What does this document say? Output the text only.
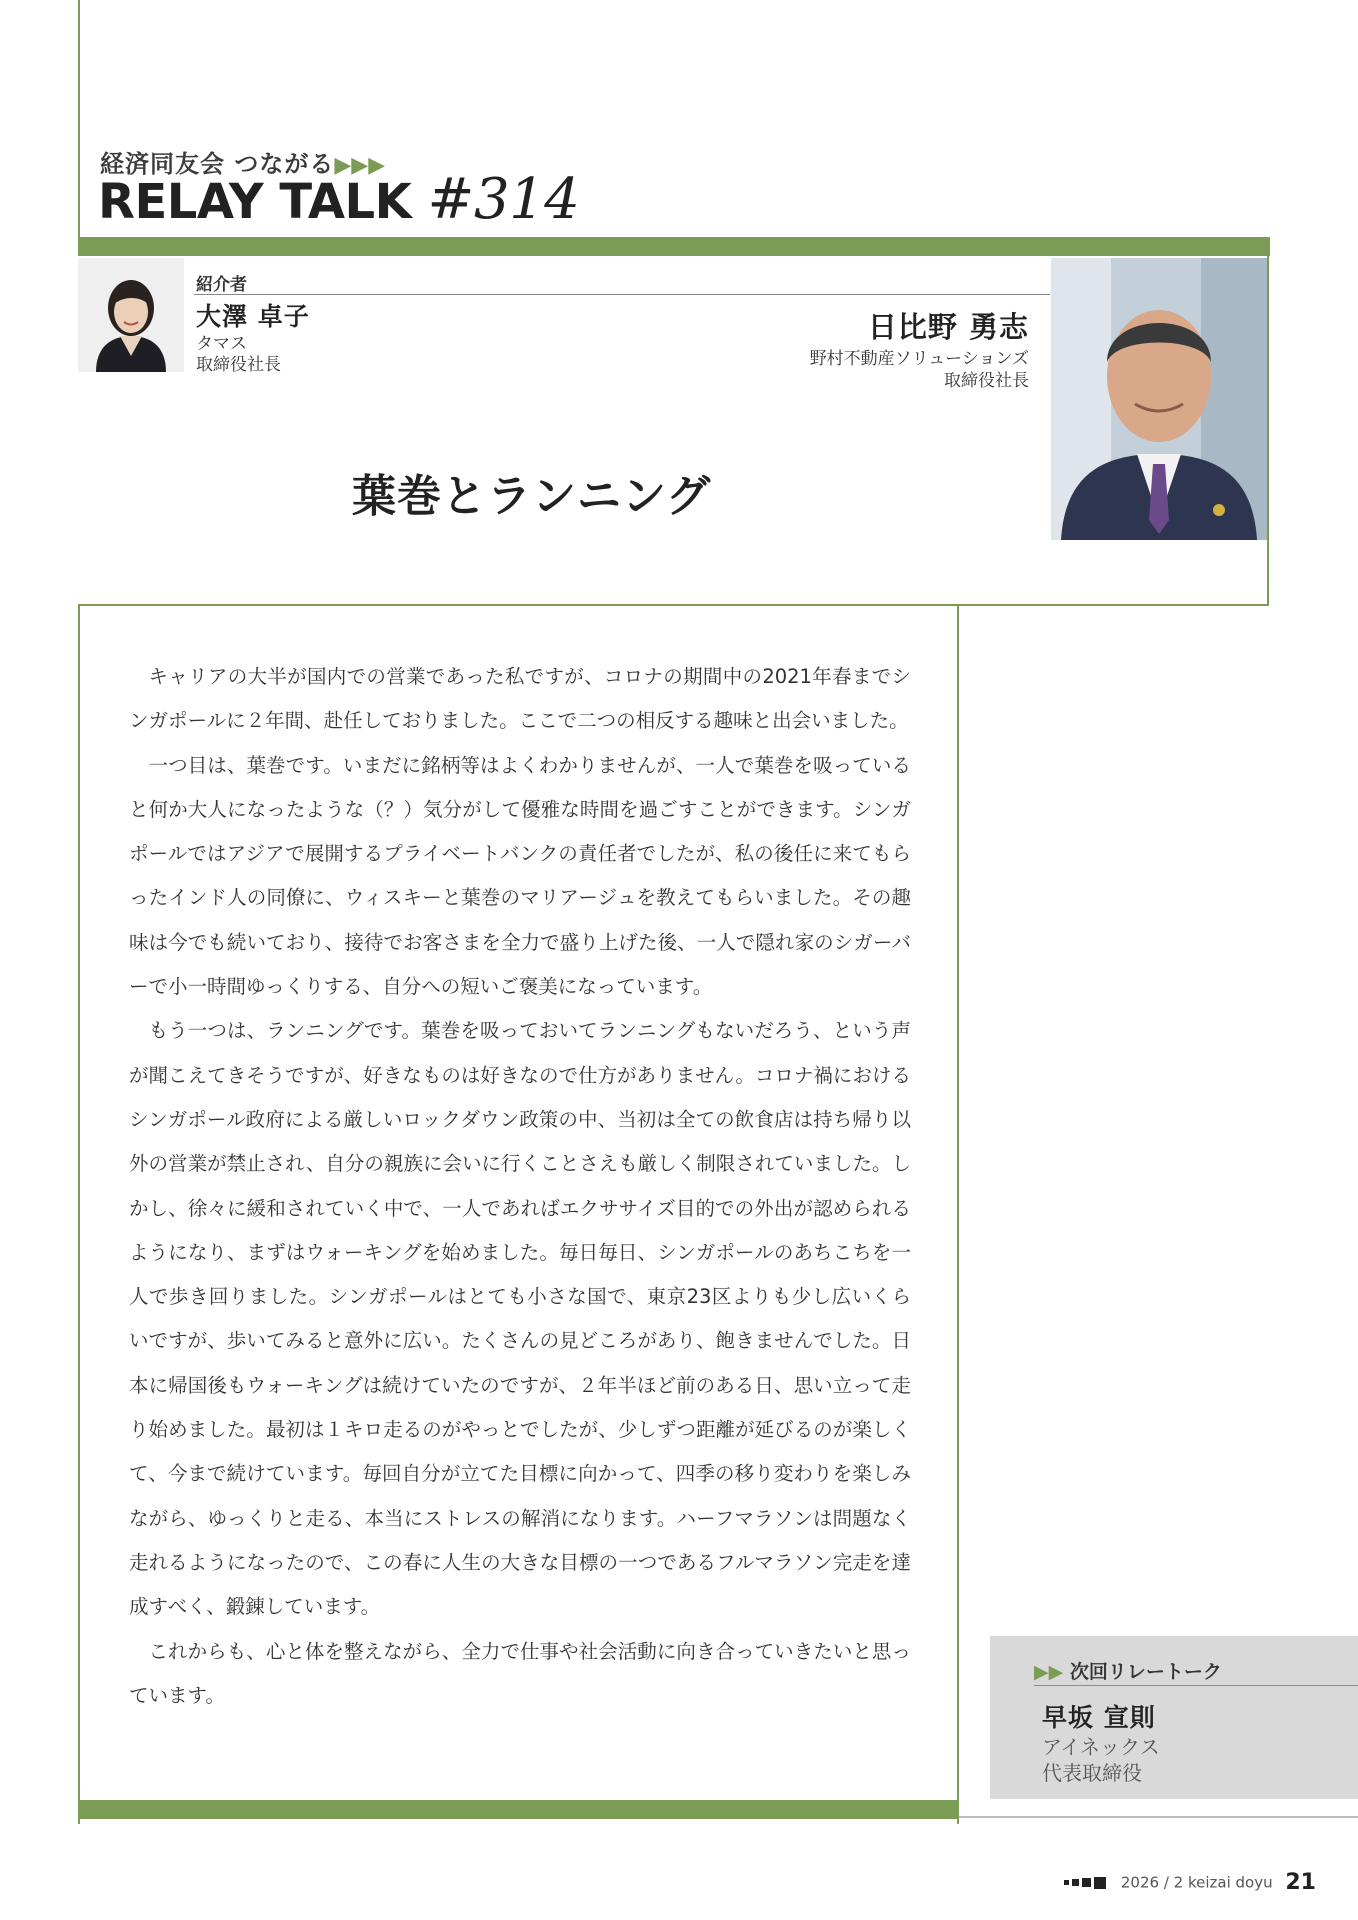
経済同友会 つながる▶▶▶
RELAY TALK #314
紹介者
大澤 卓子
タマス
取締役社長
日比野 勇志
野村不動産ソリューションズ
取締役社長
葉巻とランニング

キャリアの大半が国内での営業であった私ですが、コロナの期間中の2021年春までシンガポールに２年間、赴任しておりました。ここで二つの相反する趣味と出会いました。

一つ目は、葉巻です。いまだに銘柄等はよくわかりませんが、一人で葉巻を吸っていると何か大人になったような（？）気分がして優雅な時間を過ごすことができます。シンガポールではアジアで展開するプライベートバンクの責任者でしたが、私の後任に来てもらったインド人の同僚に、ウィスキーと葉巻のマリアージュを教えてもらいました。その趣味は今でも続いており、接待でお客さまを全力で盛り上げた後、一人で隠れ家のシガーバーで小一時間ゆっくりする、自分への短いご褒美になっています。

もう一つは、ランニングです。葉巻を吸っておいてランニングもないだろう、という声が聞こえてきそうですが、好きなものは好きなので仕方がありません。コロナ禍におけるシンガポール政府による厳しいロックダウン政策の中、当初は全ての飲食店は持ち帰り以外の営業が禁止され、自分の親族に会いに行くことさえも厳しく制限されていました。しかし、徐々に緩和されていく中で、一人であればエクササイズ目的での外出が認められるようになり、まずはウォーキングを始めました。毎日毎日、シンガポールのあちこちを一人で歩き回りました。シンガポールはとても小さな国で、東京23区よりも少し広いくらいですが、歩いてみると意外に広い。たくさんの見どころがあり、飽きませんでした。日本に帰国後もウォーキングは続けていたのですが、２年半ほど前のある日、思い立って走り始めました。最初は１キロ走るのがやっとでしたが、少しずつ距離が延びるのが楽しくて、今まで続けています。毎回自分が立てた目標に向かって、四季の移り変わりを楽しみながら、ゆっくりと走る、本当にストレスの解消になります。ハーフマラソンは問題なく走れるようになったので、この春に人生の大きな目標の一つであるフルマラソン完走を達成すべく、鍛錬しています。

これからも、心と体を整えながら、全力で仕事や社会活動に向き合っていきたいと思っています。

▶▶ 次回リレートーク
早坂 宣則
アイネックス
代表取締役
2026 / 2 keizai doyu 21
